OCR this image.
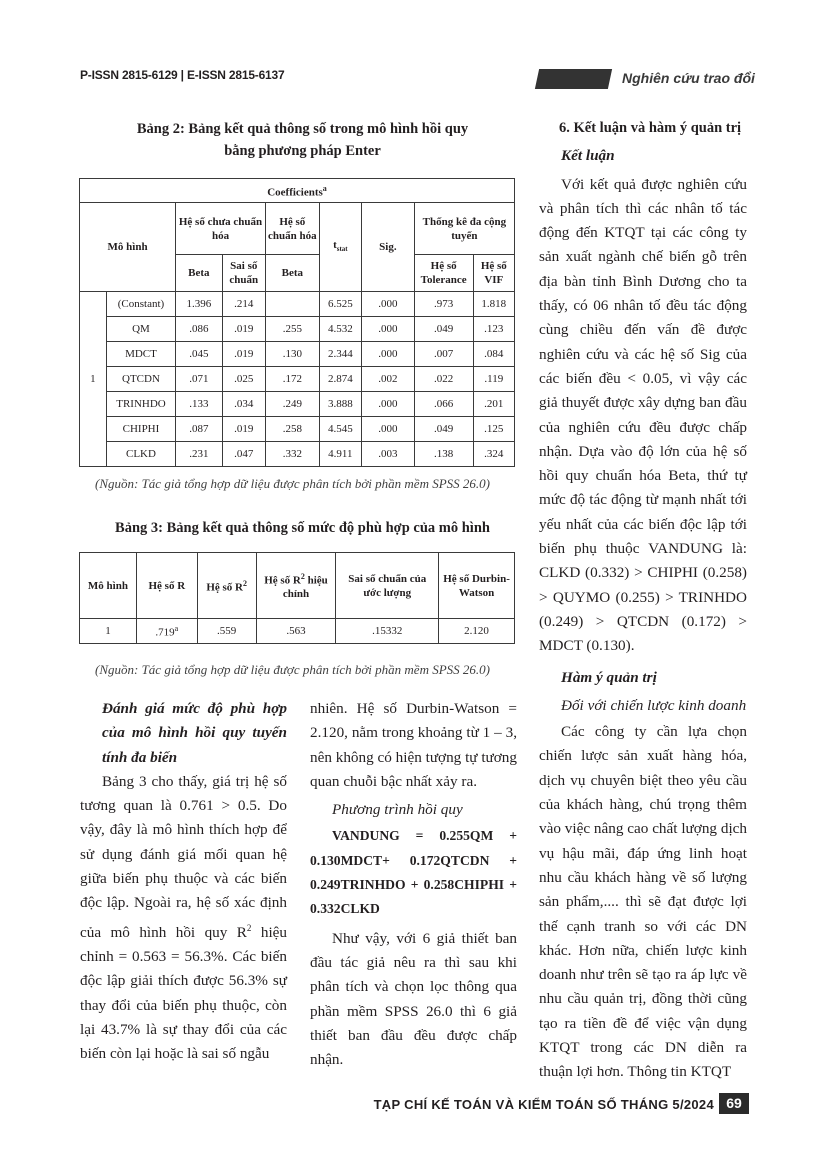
P-ISSN 2815-6129 | E-ISSN 2815-6137	Nghiên cứu trao đổi
Bảng 2: Bảng kết quả thông số trong mô hình hồi quy
bằng phương pháp Enter
Coefficients$^a$
Mô hình		Hệ số chưa chuẩn hóa		Hệ số chuẩn hóa	$t_{stat}$	Sig.	Thống kê đa cộng tuyến	
		Beta	Sai số chuẩn	Beta			Hệ số Tolerance	Hệ số VIF
1	(Constant)	1.396	.214		6.525	.000	.973	1.818
	QM	.086	.019	.255	4.532	.000	.049	.123
	MDCT	.045	.019	.130	2.344	.000	.007	.084
	QTCDN	.071	.025	.172	2.874	.002	.022	.119
	TRINHDO	.133	.034	.249	3.888	.000	.066	.201
	CHIPHI	.087	.019	.258	4.545	.000	.049	.125
	CLKD	.231	.047	.332	4.911	.003	.138	.324
(Nguồn: Tác giả tổng hợp dữ liệu được phân tích bởi phần mềm SPSS 26.0)
Bảng 3: Bảng kết quả thông số mức độ phù hợp của mô hình
Mô hình	Hệ số R	Hệ số $R^2$	Hệ số $R^2$ hiệu chỉnh	Sai số chuẩn của ước lượng	Hệ số Durbin-Watson
1	.719$^a$	.559	.563	.15332	2.120
(Nguồn: Tác giả tổng hợp dữ liệu được phân tích bởi phần mềm SPSS 26.0)

Đánh giá mức độ phù hợp của mô hình hồi quy tuyến tính đa biến

Bảng 3 cho thấy, giá trị hệ số tương quan là 0.761 > 0.5. Do vậy, đây là mô hình thích hợp để sử dụng đánh giá mối quan hệ giữa biến phụ thuộc và các biến độc lập. Ngoài ra, hệ số xác định của mô hình hồi quy $R^2$ hiệu chỉnh = 0.563 = 56.3%. Các biến độc lập giải thích được 56.3% sự thay đổi của biến phụ thuộc, còn lại 43.7% là sự thay đổi của các biến còn lại hoặc là sai số ngẫu

nhiên. Hệ số Durbin-Watson = 2.120, nằm trong khoảng từ 1 – 3, nên không có hiện tượng tự tương quan chuỗi bậc nhất xảy ra.

Phương trình hồi quy

VANDUNG = 0.255QM + 0.130MDCT+ 0.172QTCDN + 0.249TRINHDO + 0.258CHIPHI + 0.332CLKD

Như vậy, với 6 giả thiết ban đầu tác giả nêu ra thì sau khi phân tích và chọn lọc thông qua phần mềm SPSS 26.0 thì 6 giả thiết ban đầu đều được chấp nhận.

6. Kết luận và hàm ý quản trị

Kết luận

Với kết quả được nghiên cứu và phân tích thì các nhân tố tác động đến KTQT tại các công ty sản xuất ngành chế biến gỗ trên địa bàn tỉnh Bình Dương cho ta thấy, có 06 nhân tố đều tác động cùng chiều đến vấn đề được nghiên cứu và các hệ số Sig của các biến đều < 0.05, vì vậy các giả thuyết được xây dựng ban đầu của nghiên cứu đều được chấp nhận. Dựa vào độ lớn của hệ số hồi quy chuẩn hóa Beta, thứ tự mức độ tác động từ mạnh nhất tới yếu nhất của các biến độc lập tới biến phụ thuộc VANDUNG là: CLKD (0.332) > CHIPHI (0.258) > QUYMO (0.255) > TRINHDO (0.249) > QTCDN (0.172) > MDCT (0.130).

Hàm ý quản trị

Đối với chiến lược kinh doanh

Các công ty cần lựa chọn chiến lược sản xuất hàng hóa, dịch vụ chuyên biệt theo yêu cầu của khách hàng, chú trọng thêm vào việc nâng cao chất lượng dịch vụ hậu mãi, đáp ứng linh hoạt nhu cầu khách hàng về số lượng sản phẩm,.... thì sẽ đạt được lợi thế cạnh tranh so với các DN khác. Hơn nữa, chiến lược kinh doanh như trên sẽ tạo ra áp lực về nhu cầu quản trị, đồng thời cũng tạo ra tiền đề để việc vận dụng KTQT trong các DN diễn ra thuận lợi hơn. Thông tin KTQT

TẠP CHÍ KẾ TOÁN VÀ KIỂM TOÁN SỐ THÁNG 5/2024 69
